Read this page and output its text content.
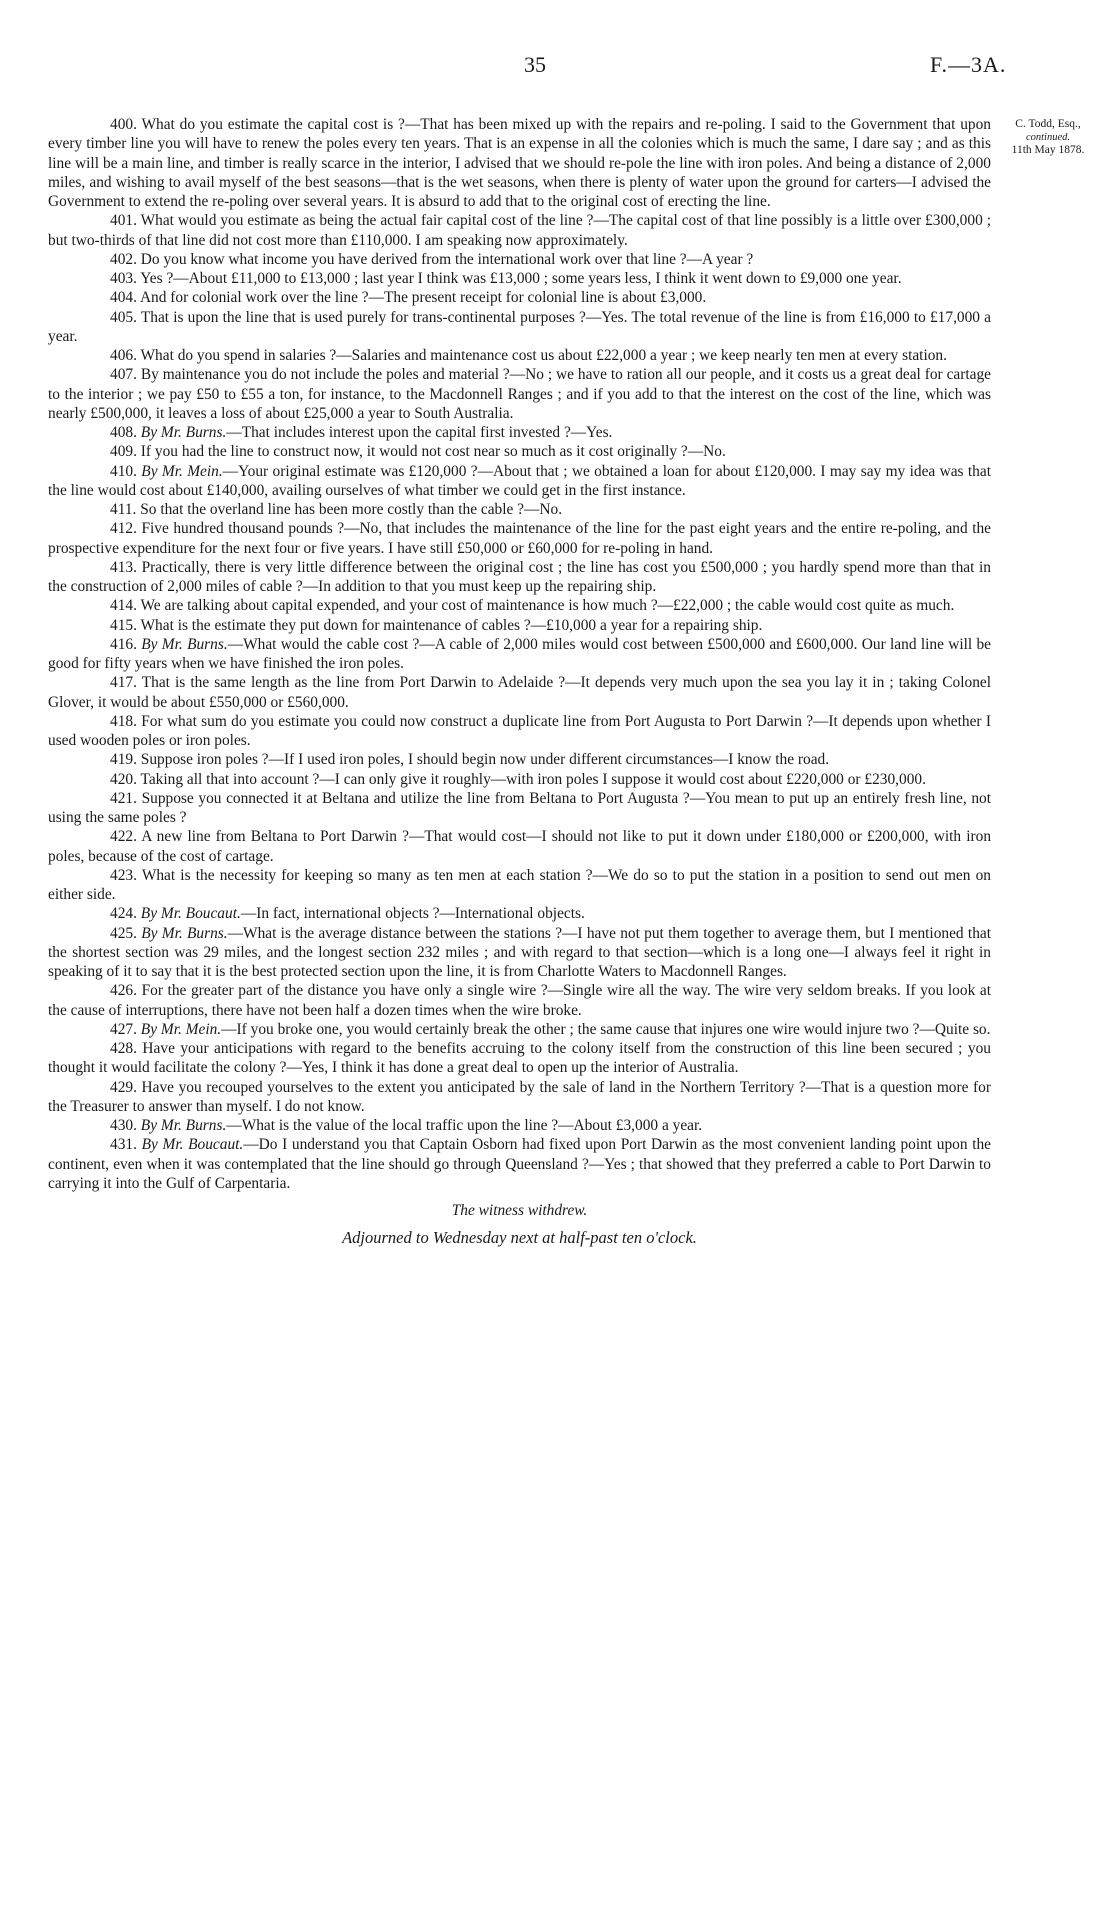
35	F.—3A.
C. Todd, Esq.,
continued.
11th May 1878.

400. What do you estimate the capital cost is ?—That has been mixed up with the repairs and re-poling. I said to the Government that upon every timber line you will have to renew the poles every ten years. That is an expense in all the colonies which is much the same, I dare say ; and as this line will be a main line, and timber is really scarce in the interior, I advised that we should re-pole the line with iron poles. And being a distance of 2,000 miles, and wishing to avail myself of the best seasons—that is the wet seasons, when there is plenty of water upon the ground for carters—I advised the Government to extend the re-poling over several years. It is absurd to add that to the original cost of erecting the line.

401. What would you estimate as being the actual fair capital cost of the line ?—The capital cost of that line possibly is a little over £300,000 ; but two-thirds of that line did not cost more than £110,000. I am speaking now approximately.

402. Do you know what income you have derived from the international work over that line ?—A year ?

403. Yes ?—About £11,000 to £13,000 ; last year I think was £13,000 ; some years less, I think it went down to £9,000 one year.

404. And for colonial work over the line ?—The present receipt for colonial line is about £3,000.

405. That is upon the line that is used purely for trans-continental purposes ?—Yes. The total revenue of the line is from £16,000 to £17,000 a year.

406. What do you spend in salaries ?—Salaries and maintenance cost us about £22,000 a year ; we keep nearly ten men at every station.

407. By maintenance you do not include the poles and material ?—No ; we have to ration all our people, and it costs us a great deal for cartage to the interior ; we pay £50 to £55 a ton, for instance, to the Macdonnell Ranges ; and if you add to that the interest on the cost of the line, which was nearly £500,000, it leaves a loss of about £25,000 a year to South Australia.

408. By Mr. Burns.—That includes interest upon the capital first invested ?—Yes.

409. If you had the line to construct now, it would not cost near so much as it cost originally ?—No.

410. By Mr. Mein.—Your original estimate was £120,000 ?—About that ; we obtained a loan for about £120,000. I may say my idea was that the line would cost about £140,000, availing ourselves of what timber we could get in the first instance.

411. So that the overland line has been more costly than the cable ?—No.

412. Five hundred thousand pounds ?—No, that includes the maintenance of the line for the past eight years and the entire re-poling, and the prospective expenditure for the next four or five years. I have still £50,000 or £60,000 for re-poling in hand.

413. Practically, there is very little difference between the original cost ; the line has cost you £500,000 ; you hardly spend more than that in the construction of 2,000 miles of cable ?—In addition to that you must keep up the repairing ship.

414. We are talking about capital expended, and your cost of maintenance is how much ?—£22,000 ; the cable would cost quite as much.

415. What is the estimate they put down for maintenance of cables ?—£10,000 a year for a repairing ship.

416. By Mr. Burns.—What would the cable cost ?—A cable of 2,000 miles would cost between £500,000 and £600,000. Our land line will be good for fifty years when we have finished the iron poles.

417. That is the same length as the line from Port Darwin to Adelaide ?—It depends very much upon the sea you lay it in ; taking Colonel Glover, it would be about £550,000 or £560,000.

418. For what sum do you estimate you could now construct a duplicate line from Port Augusta to Port Darwin ?—It depends upon whether I used wooden poles or iron poles.

419. Suppose iron poles ?—If I used iron poles, I should begin now under different circumstances—I know the road.

420. Taking all that into account ?—I can only give it roughly—with iron poles I suppose it would cost about £220,000 or £230,000.

421. Suppose you connected it at Beltana and utilize the line from Beltana to Port Augusta ?—You mean to put up an entirely fresh line, not using the same poles ?

422. A new line from Beltana to Port Darwin ?—That would cost—I should not like to put it down under £180,000 or £200,000, with iron poles, because of the cost of cartage.

423. What is the necessity for keeping so many as ten men at each station ?—We do so to put the station in a position to send out men on either side.

424. By Mr. Boucaut.—In fact, international objects ?—International objects.

425. By Mr. Burns.—What is the average distance between the stations ?—I have not put them together to average them, but I mentioned that the shortest section was 29 miles, and the longest section 232 miles ; and with regard to that section—which is a long one—I always feel it right in speaking of it to say that it is the best protected section upon the line, it is from Charlotte Waters to Macdonnell Ranges.

426. For the greater part of the distance you have only a single wire ?—Single wire all the way. The wire very seldom breaks. If you look at the cause of interruptions, there have not been half a dozen times when the wire broke.

427. By Mr. Mein.—If you broke one, you would certainly break the other ; the same cause that injures one wire would injure two ?—Quite so.

428. Have your anticipations with regard to the benefits accruing to the colony itself from the construction of this line been secured ; you thought it would facilitate the colony ?—Yes, I think it has done a great deal to open up the interior of Australia.

429. Have you recouped yourselves to the extent you anticipated by the sale of land in the Northern Territory ?—That is a question more for the Treasurer to answer than myself. I do not know.

430. By Mr. Burns.—What is the value of the local traffic upon the line ?—About £3,000 a year.

431. By Mr. Boucaut.—Do I understand you that Captain Osborn had fixed upon Port Darwin as the most convenient landing point upon the continent, even when it was contemplated that the line should go through Queensland ?—Yes ; that showed that they preferred a cable to Port Darwin to carrying it into the Gulf of Carpentaria.

The witness withdrew.

Adjourned to Wednesday next at half-past ten o'clock.
